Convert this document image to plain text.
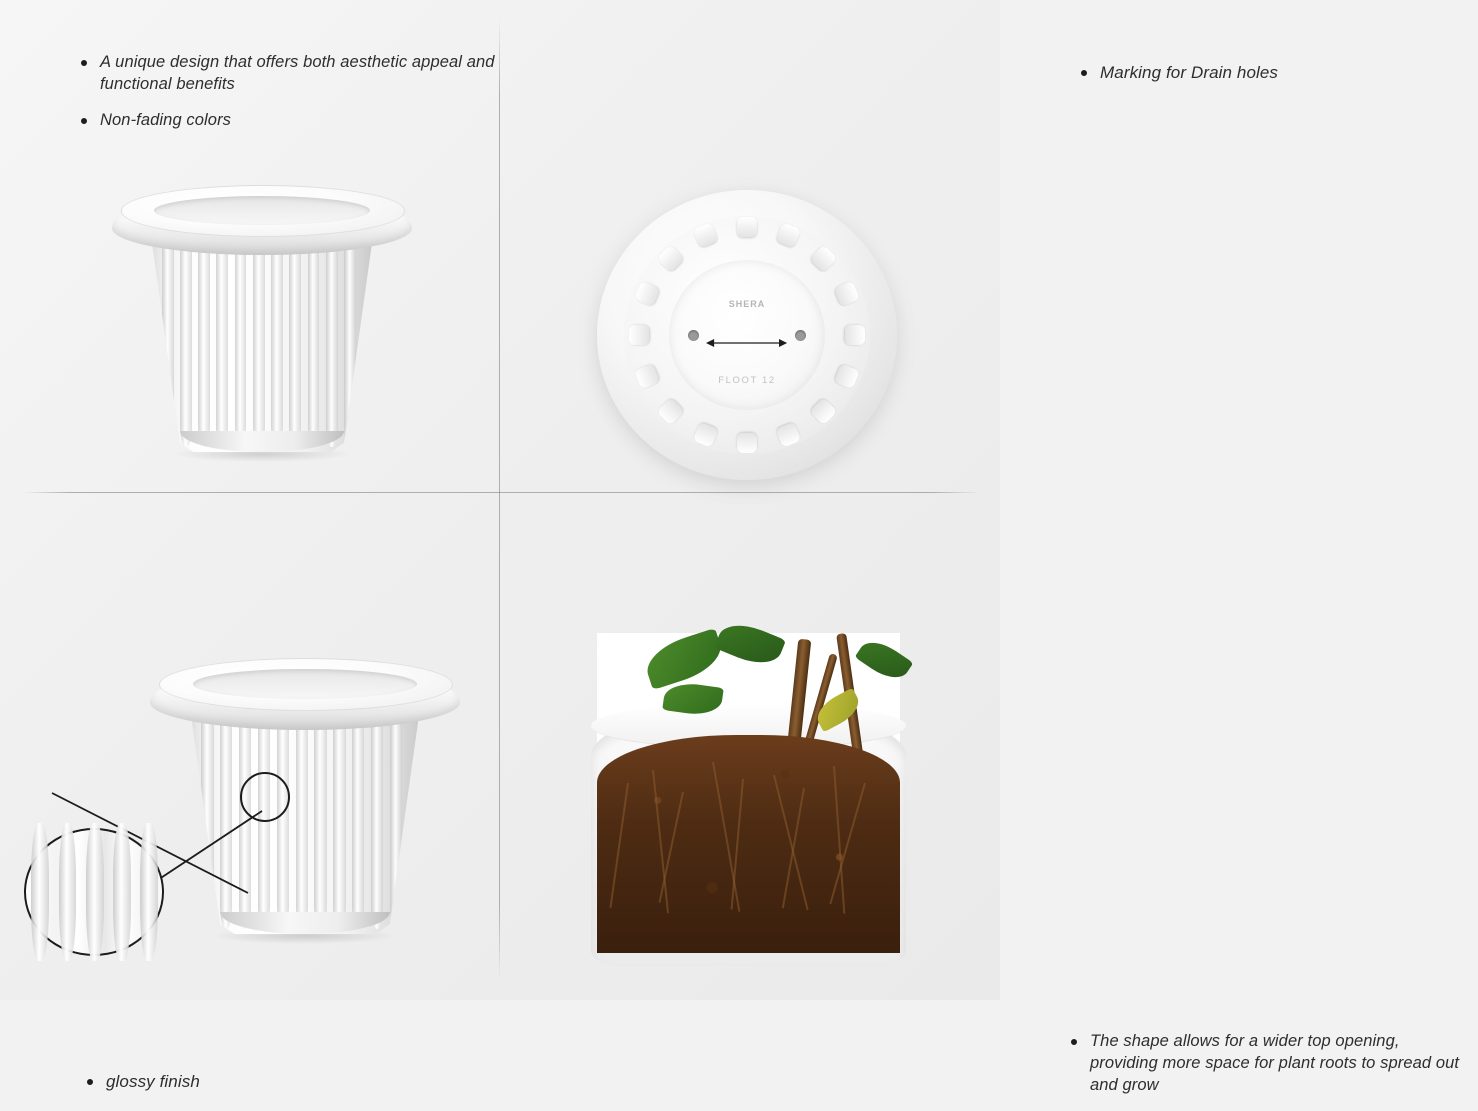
A unique design that offers both aesthetic appeal and functional benefits
Non-fading colors
Marking for Drain holes
SHERA
FLOOT 12
glossy finish
The shape allows for a wider top opening, providing more space for plant roots to spread out and grow
